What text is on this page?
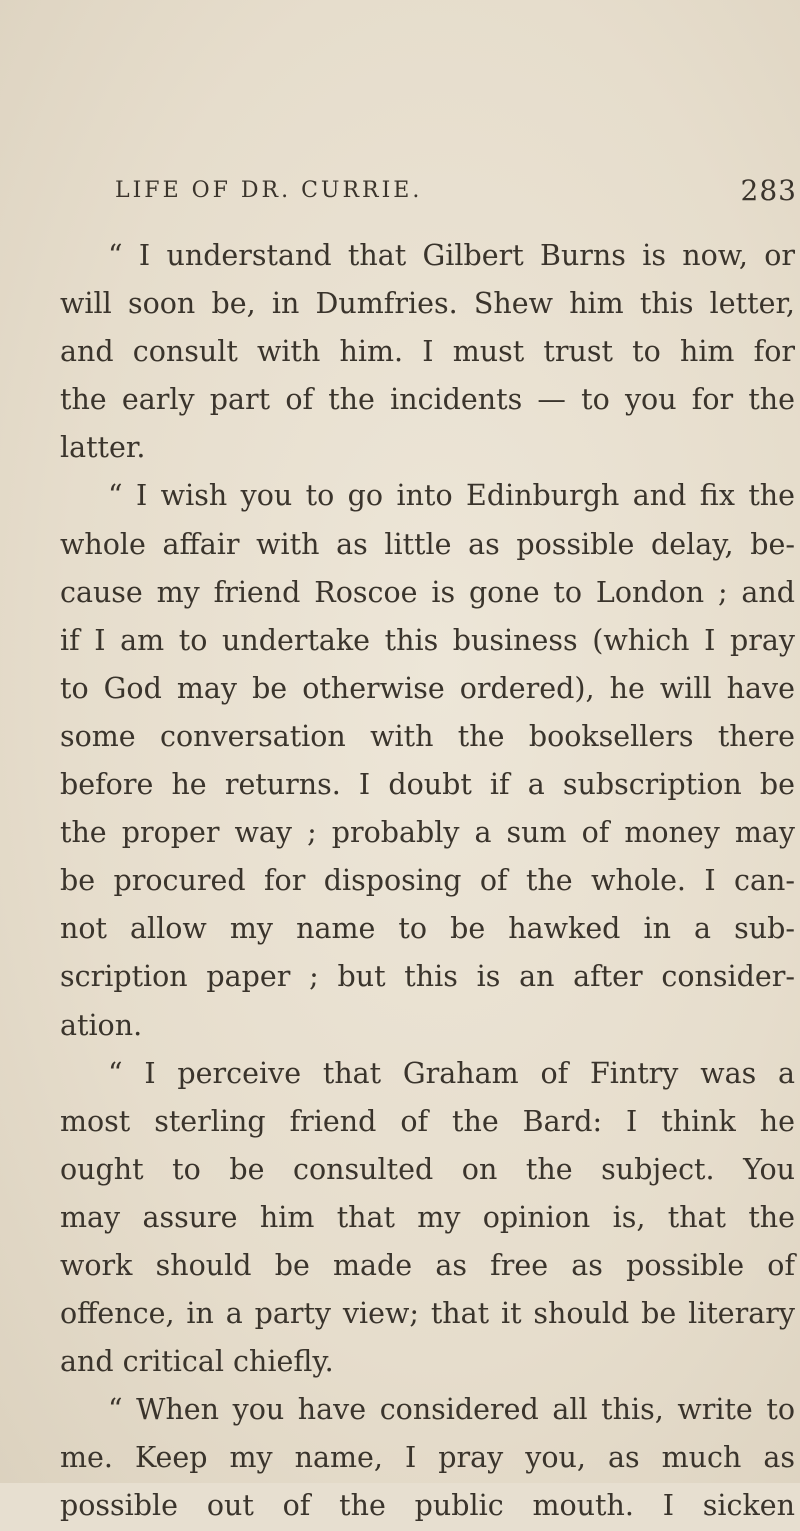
LIFE OF DR. CURRIE.	283
“ I understand that Gilbert Burns is now, or
will soon be, in Dumfries. Shew him this letter,
and consult with him. I must trust to him for
the early part of the incidents — to you for the
latter.
“ I wish you to go into Edinburgh and fix the
whole affair with as little as possible delay, be-
cause my friend Roscoe is gone to London ; and
if I am to undertake this business (which I pray
to God may be otherwise ordered), he will have
some conversation with the booksellers there
before he returns. I doubt if a subscription be
the proper way ; probably a sum of money may
be procured for disposing of the whole. I can-
not allow my name to be hawked in a sub-
scription paper ; but this is an after consider-
ation.
“ I perceive that Graham of Fintry was a
most sterling friend of the Bard: I think he
ought to be consulted on the subject. You
may assure him that my opinion is, that the
work should be made as free as possible of
offence, in a party view; that it should be literary
and critical chiefly.
“ When you have considered all this, write to
me. Keep my name, I pray you, as much as
possible out of the public mouth. I sicken
